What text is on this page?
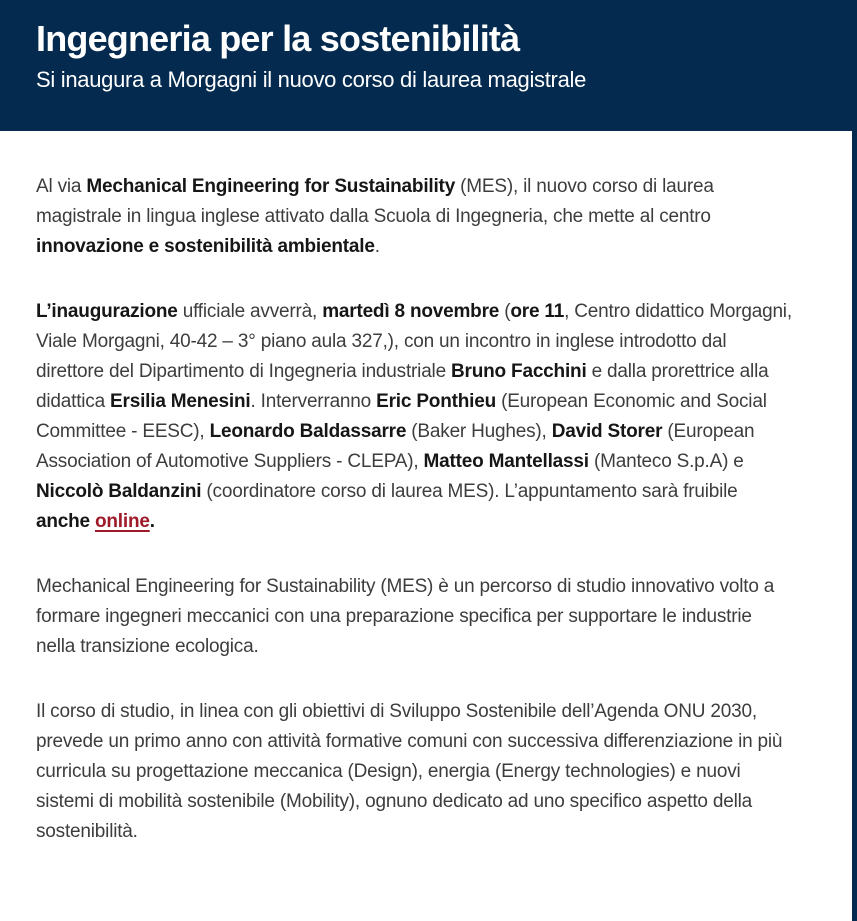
Ingegneria per la sostenibilità

Si inaugura a Morgagni il nuovo corso di laurea magistrale

Al via Mechanical Engineering for Sustainability (MES), il nuovo corso di laurea magistrale in lingua inglese attivato dalla Scuola di Ingegneria, che mette al centro innovazione e sostenibilità ambientale.

L’inaugurazione ufficiale avverrà, martedì 8 novembre (ore 11, Centro didattico Morgagni, Viale Morgagni, 40-42 – 3° piano aula 327,), con un incontro in inglese introdotto dal direttore del Dipartimento di Ingegneria industriale Bruno Facchini e dalla prorettrice alla didattica Ersilia Menesini. Interverranno Eric Ponthieu (European Economic and Social Committee - EESC), Leonardo Baldassarre (Baker Hughes), David Storer (European Association of Automotive Suppliers - CLEPA), Matteo Mantellassi (Manteco S.p.A) e Niccolò Baldanzini (coordinatore corso di laurea MES). L’appuntamento sarà fruibile anche online.

Mechanical Engineering for Sustainability (MES) è un percorso di studio innovativo volto a formare ingegneri meccanici con una preparazione specifica per supportare le industrie nella transizione ecologica.

Il corso di studio, in linea con gli obiettivi di Sviluppo Sostenibile dell’Agenda ONU 2030, prevede un primo anno con attività formative comuni con successiva differenziazione in più curricula su progettazione meccanica (Design), energia (Energy technologies) e nuovi sistemi di mobilità sostenibile (Mobility), ognuno dedicato ad uno specifico aspetto della sostenibilità.
